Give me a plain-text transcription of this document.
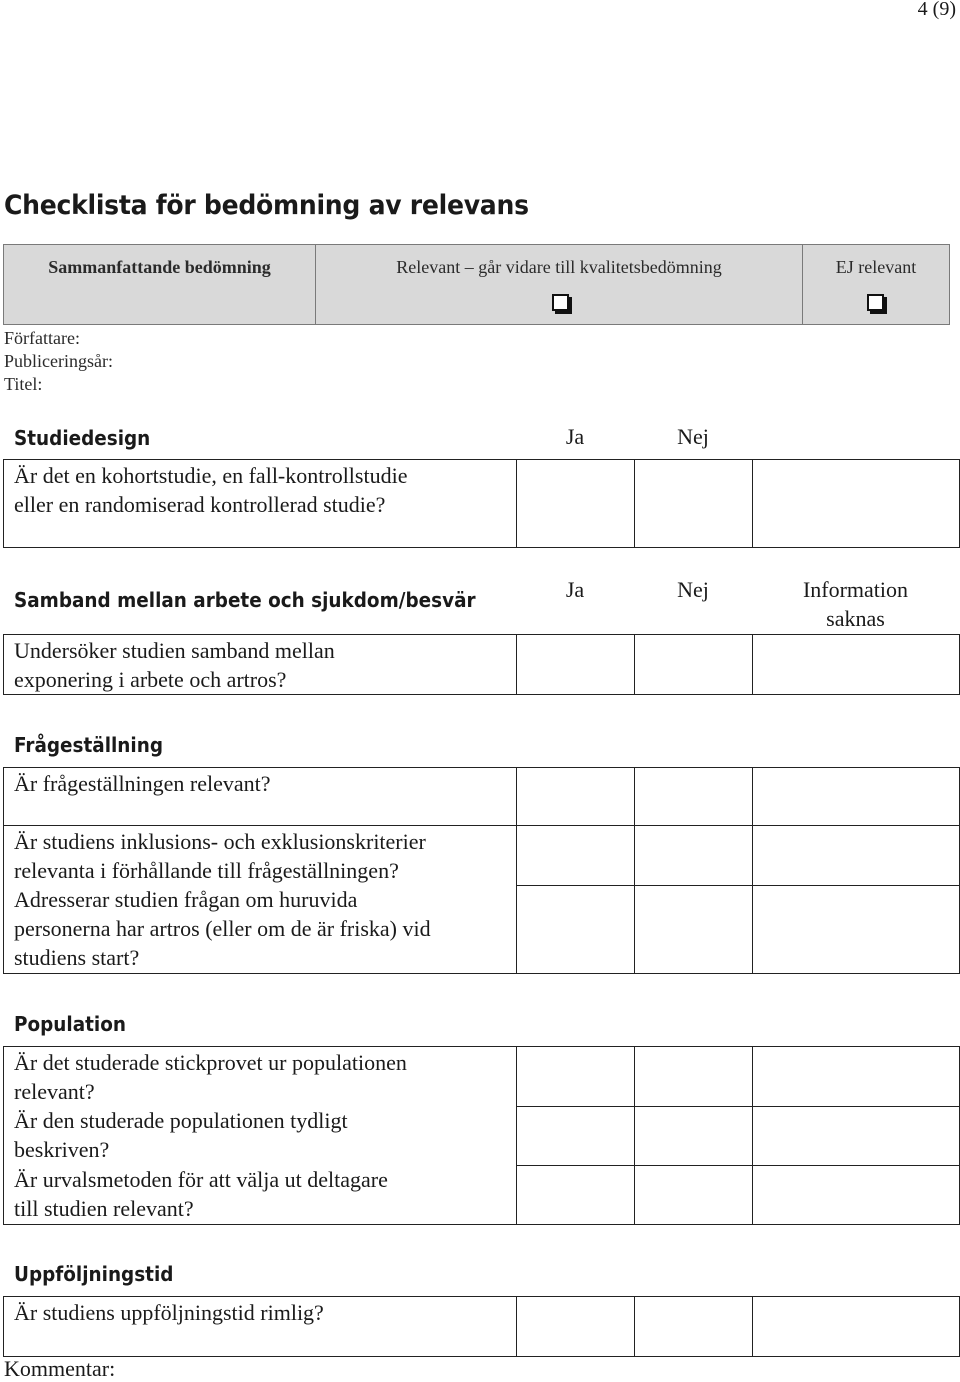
4 (9)
Checklista för bedömning av relevans
Sammanfattande bedömning	Relevant – går vidare till kvalitetsbedömning	EJ relevant
Författare:
Publiceringsår:
Titel:
Studiedesign	Ja	Nej
Är det en kohortstudie, en fall-kontrollstudie
eller en randomiserad kontrollerad studie?

Samband mellan arbete och sjukdom/besvär	Ja	Nej	Information
saknas
Undersöker studien samband mellan
exponering i arbete och artros?

Frågeställning
Är frågeställningen relevant?			

Är studiens inklusions- och exklusionskriterier
relevanta i förhållande till frågeställningen?			

Adresserar studien frågan om huruvida
personerna har artros (eller om de är friska) vid
studiens start?			

Population
Är det studerade stickprovet ur populationen
relevant?			

Är den studerade populationen tydligt
beskriven?			

Är urvalsmetoden för att välja ut deltagare
till studien relevant?			

Uppföljningstid
Är studiens uppföljningstid rimlig?

Kommentar:
